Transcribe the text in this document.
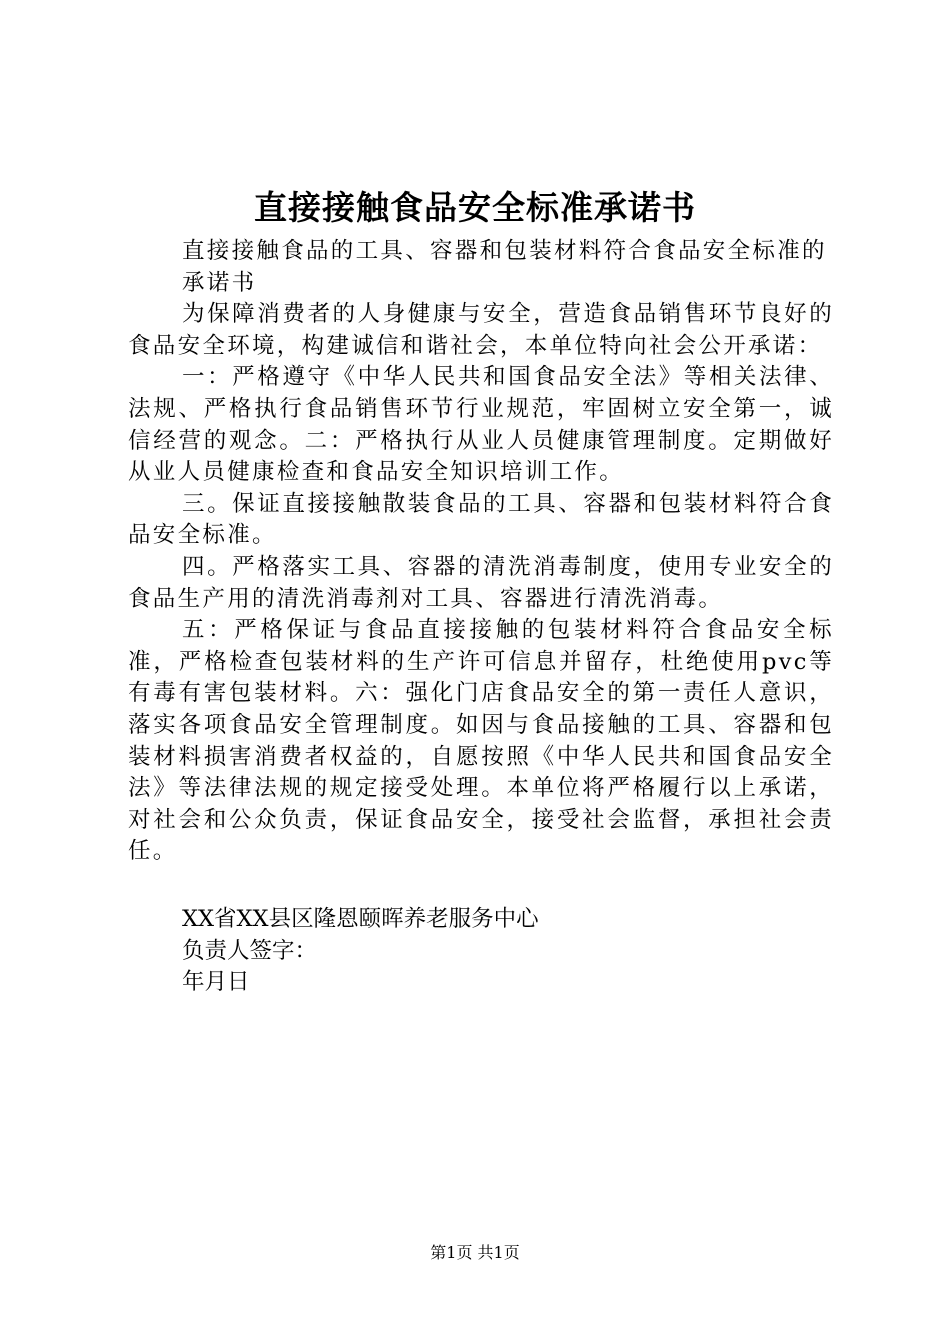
直接接触食品安全标准承诺书

直接接触食品的工具、容器和包装材料符合食品安全标准的

承诺书

为保障消费者的人身健康与安全，营造食品销售环节良好的食品安全环境，构建诚信和谐社会，本单位特向社会公开承诺：

一：严格遵守《中华人民共和国食品安全法》等相关法律、法规、严格执行食品销售环节行业规范，牢固树立安全第一，诚信经营的观念。二：严格执行从业人员健康管理制度。定期做好从业人员健康检查和食品安全知识培训工作。

三。保证直接接触散装食品的工具、容器和包装材料符合食品安全标准。

四。严格落实工具、容器的清洗消毒制度，使用专业安全的食品生产用的清洗消毒剂对工具、容器进行清洗消毒。

五：严格保证与食品直接接触的包装材料符合食品安全标准，严格检查包装材料的生产许可信息并留存，杜绝使用pvc等有毒有害包装材料。六：强化门店食品安全的第一责任人意识，落实各项食品安全管理制度。如因与食品接触的工具、容器和包装材料损害消费者权益的，自愿按照《中华人民共和国食品安全法》等法律法规的规定接受处理。本单位将严格履行以上承诺，对社会和公众负责，保证食品安全，接受社会监督，承担社会责任。

XX省XX县区隆恩颐晖养老服务中心
负责人签字：
年月日
第1页 共1页
